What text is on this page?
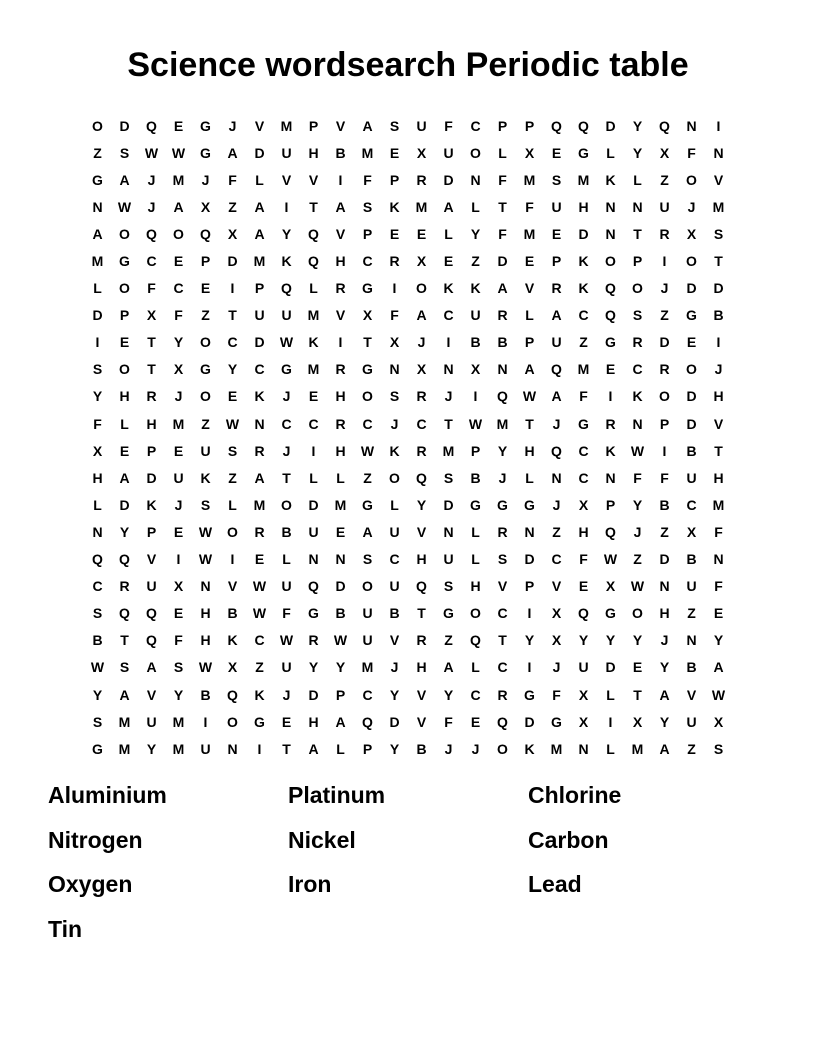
Science wordsearch Periodic table
O	D	Q	E	G	J	V	M	P	V	A	S	U	F	C	P	P	Q	Q	D	Y	Q	N	I
Z	S	W W	G	A	D	U	H	B	M	E	X	U	O	L	X	E	G	L	Y	X	F	N
G	A	J	M	J	F	L	V	V	I	F	P	R	D	N	F	M	S	M	K	L	Z	O	V
N	W	J	A	X	Z	A	I	T	A	S	K	M	A	L	T	F	U	H	N	N	U	J	M
A	O	Q	O	Q	X	A	Y	Q	V	P	E	E	L	Y	F	M	E	D	N	T	R	X	S
M	G	C	E	P	D	M	K	Q	H	C	R	X	E	Z	D	E	P	K	O	P	I	O	T
L	O	F	C	E	I	P	Q	L	R	G	I	O	K	K	A	V	R	K	Q	O	J	D	D
D	P	X	F	Z	T	U	U	M	V	X	F	A	C	U	R	L	A	C	Q	S	Z	G	B
I	E	T	Y	O	C	D	W	K	I	T	X	J	I	B	B	P	U	Z	G	R	D	E	I
S	O	T	X	G	Y	C	G	M	R	G	N	X	N	X	N	A	Q	M	E	C	R	O	J
Y	H	R	J	O	E	K	J	E	H	O	S	R	J	I	Q	W	A	F	I	K	O	D	H
F	L	H	M	Z	W	N	C	C	R	C	J	C	T	W	M	T	J	G	R	N	P	D	V
X	E	P	E	U	S	R	J	I	H	W	K	R	M	P	Y	H	Q	C	K	W	I	B	T
H	A	D	U	K	Z	A	T	L	L	Z	O	Q	S	B	J	L	N	C	N	F	F	U	H
L	D	K	J	S	L	M	O	D	M	G	L	Y	D	G	G	G	J	X	P	Y	B	C	M
N	Y	P	E	W	O	R	B	U	E	A	U	V	N	L	R	N	Z	H	Q	J	Z	X	F
Q	Q	V	I	W	I	E	L	N	N	S	C	H	U	L	S	D	C	F	W	Z	D	B	N
C	R	U	X	N	V	W	U	Q	D	O	U	Q	S	H	V	P	V	E	X	W	N	U	F
S	Q	Q	E	H	B	W	F	G	B	U	B	T	G	O	C	I	X	Q	G	O	H	Z	E
B	T	Q	F	H	K	C	W	R	W	U	V	R	Z	Q	T	Y	X	Y	Y	Y	J	N	Y
W	S	A	S	W	X	Z	U	Y	Y	M	J	H	A	L	C	I	J	U	D	E	Y	B	A
Y	A	V	Y	B	Q	K	J	D	P	C	Y	V	Y	C	R	G	F	X	L	T	A	V	W
S	M	U	M	I	O	G	E	H	A	Q	D	V	F	E	Q	D	G	X	I	X	Y	U	X
G	M	Y	M	U	N	I	T	A	L	P	Y	B	J	J	O	K	M	N	L	M	A	Z	S
Aluminium	Platinum	Chlorine
Nitrogen	Nickel	Carbon
Oxygen	Iron	Lead
Tin
